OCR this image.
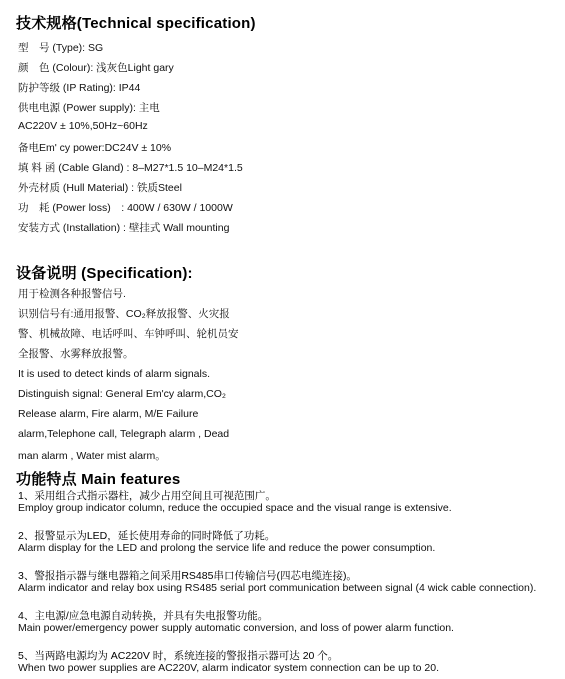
技术规格(Technical specification)
型　号 (Type): SG
颜　色 (Colour): 浅灰色Light gary
防护等级 (IP Rating): IP44
供电电源 (Power supply): 主电
AC220V ± 10%,50Hz~60Hz
备电Em' cy power:DC24V ± 10%
填 料 函 (Cable Gland) : 8–M27*1.5 10–M24*1.5
外壳材质 (Hull Material) : 铁质Steel
功　耗 (Power loss)　: 400W / 630W / 1000W
安装方式 (Installation) : 壁挂式 Wall mounting
设备说明 (Specification):
用于检测各种报警信号.
识别信号有:通用报警、CO₂释放报警、火灾报
警、机械故障、电话呼叫、车钟呼叫、轮机员安
全报警、水雾释放报警。
It is used to detect kinds of alarm signals.
Distinguish signal: General Em'cy alarm,CO₂
Release alarm, Fire alarm, M/E Failure
alarm,Telephone call, Telegraph alarm , Dead
man alarm , Water mist alarm。
功能特点 Main features
1、采用组合式指示器柱，减少占用空间且可视范围广。
Employ group indicator column, reduce the occupied space and the visual range is extensive.
2、报警显示为LED，延长使用寿命的同时降低了功耗。
Alarm display for the LED and prolong the service life and reduce the power consumption.
3、警报指示器与继电器箱之间采用RS485串口传输信号(四芯电缆连接)。
Alarm indicator and relay box using RS485 serial port communication between signal (4 wick cable connection).
4、主电源/应急电源自动转换，并具有失电报警功能。
Main power/emergency power supply automatic conversion, and loss of power alarm function.
5、当两路电源均为 AC220V 时，系统连接的警报指示器可达 20 个。
When two power supplies are AC220V, alarm indicator system connection can be up to 20.
